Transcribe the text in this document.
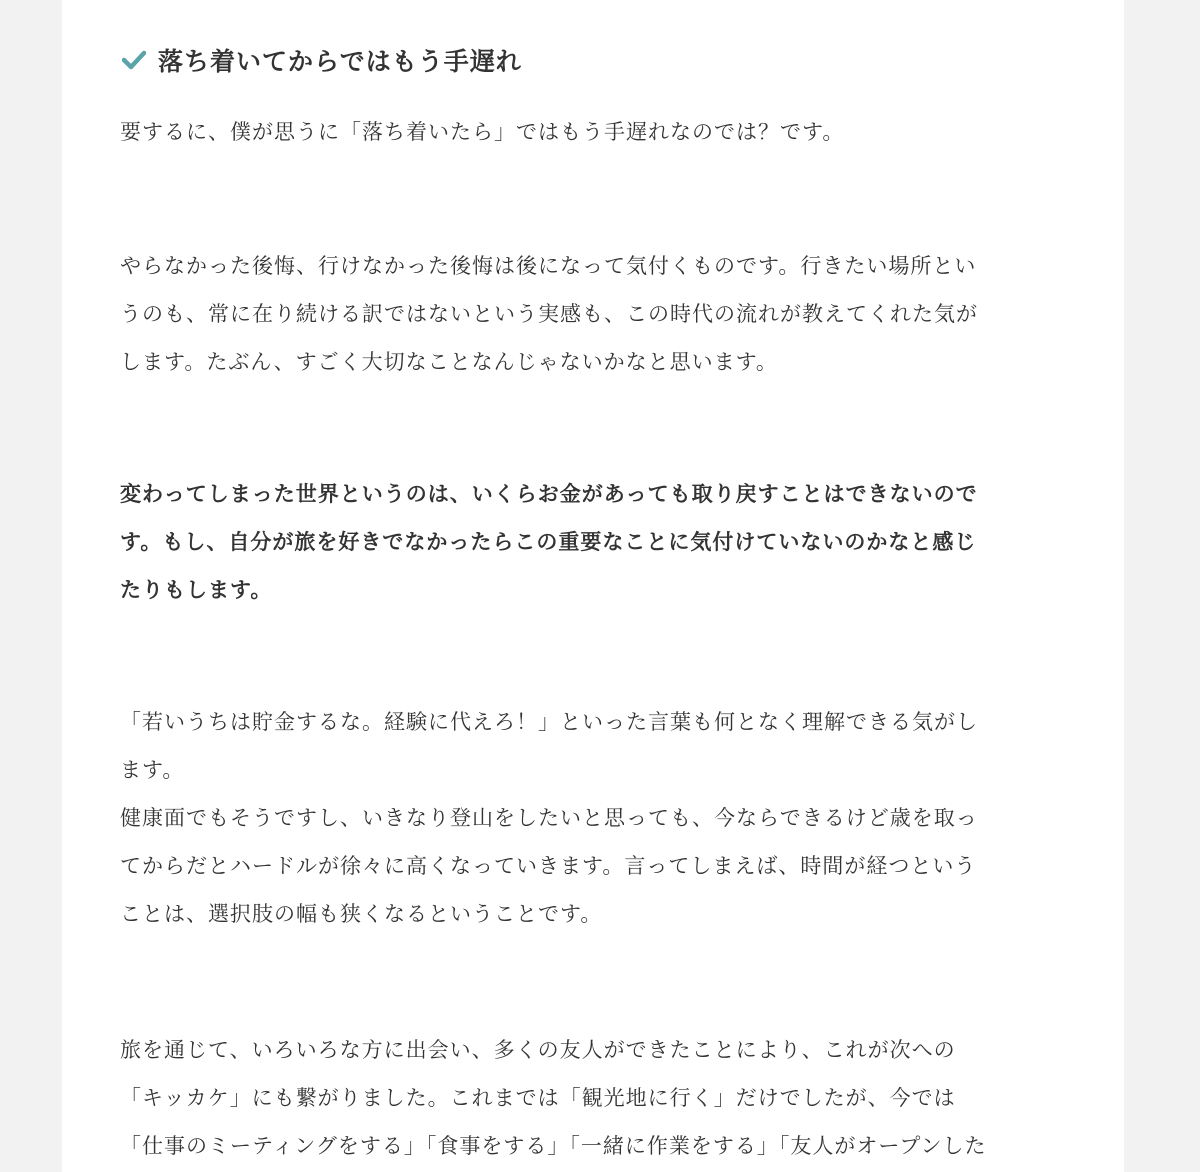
落ち着いてからではもう手遅れ

要するに、僕が思うに「落ち着いたら」ではもう手遅れなのでは？です。

やらなかった後悔、行けなかった後悔は後になって気付くものです。行きたい場所とい
うのも、常に在り続ける訳ではないという実感も、この時代の流れが教えてくれた気が
します。たぶん、すごく大切なことなんじゃないかなと思います。

変わってしまった世界というのは、いくらお金があっても取り戻すことはできないので
す。もし、自分が旅を好きでなかったらこの重要なことに気付けていないのかなと感じ
たりもします。

「若いうちは貯金するな。経験に代えろ！」といった言葉も何となく理解できる気がし
ます。
健康面でもそうですし、いきなり登山をしたいと思っても、今ならできるけど歳を取っ
てからだとハードルが徐々に高くなっていきます。言ってしまえば、時間が経つという
ことは、選択肢の幅も狭くなるということです。

旅を通じて、いろいろな方に出会い、多くの友人ができたことにより、これが次への
「キッカケ」にも繋がりました。これまでは「観光地に行く」だけでしたが、今では
「仕事のミーティングをする」「食事をする」「一緒に作業をする」「友人がオープンした
